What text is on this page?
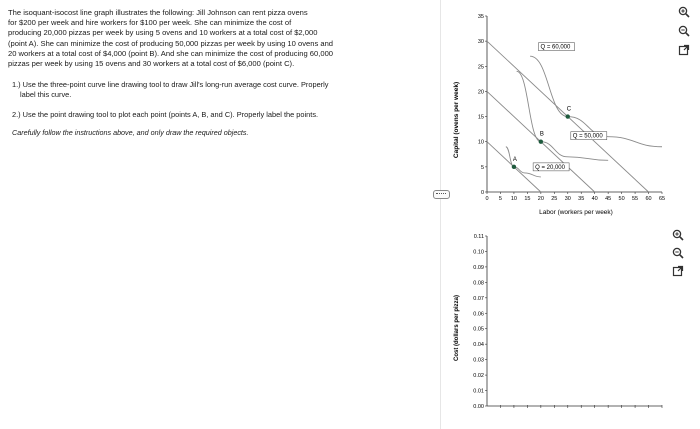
The isoquant-isocost line graph illustrates the following: Jill Johnson can rent pizza ovens

for $200 per week and hire workers for $100 per week. She can minimize the cost of

producing 20,000 pizzas per week by using 5 ovens and 10 workers at a total cost of $2,000

(point A). She can minimize the cost of producing 50,000 pizzas per week by using 10 ovens and

20 workers at a total cost of $4,000 (point B). And she can minimize the cost of producing 60,000

pizzas per week by using 15 ovens and 30 workers at a total cost of $6,000 (point C).

1.) Use the three-point curve line drawing tool to draw Jill's long-run average cost curve. Properly
label this curve.
2.) Use the point drawing tool to plot each point (points A, B, and C). Properly label the points.
Carefully follow the instructions above, and only draw the required objects.
35
30
25
20
15
10
5
0
0 5 10 15 20 25 30 35 40 45 50 55 60 65
Q = 60,000
Q = 50,000
Q = 20,000
A
B
C
Capital (ovens per week)
Labor (workers per week)
0.11
0.10
0.09
0.08
0.07
0.06
0.05
0.04
0.03
0.02
0.01
0.00
Cost (dollars per pizza)
